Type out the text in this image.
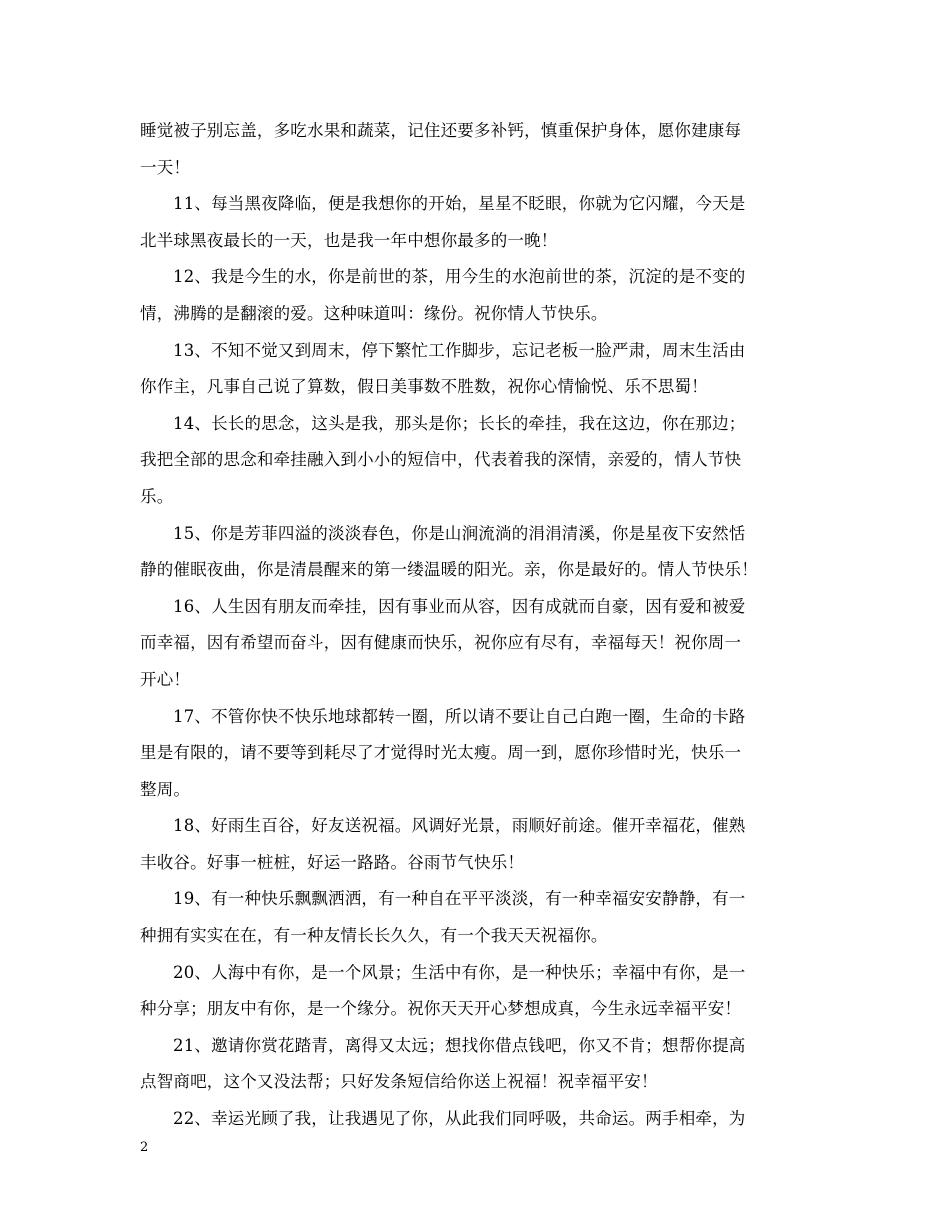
睡觉被子别忘盖，多吃水果和蔬菜，记住还要多补钙，慎重保护身体，愿你建康每
一天！
11、每当黑夜降临，便是我想你的开始，星星不眨眼，你就为它闪耀，今天是
北半球黑夜最长的一天，也是我一年中想你最多的一晚！
12、我是今生的水，你是前世的茶，用今生的水泡前世的茶，沉淀的是不变的
情，沸腾的是翻滚的爱。这种味道叫：缘份。祝你情人节快乐。
13、不知不觉又到周末，停下繁忙工作脚步，忘记老板一脸严肃，周末生活由
你作主，凡事自己说了算数，假日美事数不胜数，祝你心情愉悦、乐不思蜀！
14、长长的思念，这头是我，那头是你；长长的牵挂，我在这边，你在那边；
我把全部的思念和牵挂融入到小小的短信中，代表着我的深情，亲爱的，情人节快
乐。
15、你是芳菲四溢的淡淡春色，你是山涧流淌的涓涓清溪，你是星夜下安然恬
静的催眠夜曲，你是清晨醒来的第一缕温暖的阳光。亲，你是最好的。情人节快乐！
16、人生因有朋友而牵挂，因有事业而从容，因有成就而自豪，因有爱和被爱
而幸福，因有希望而奋斗，因有健康而快乐，祝你应有尽有，幸福每天！祝你周一
开心！
17、不管你快不快乐地球都转一圈，所以请不要让自己白跑一圈，生命的卡路
里是有限的，请不要等到耗尽了才觉得时光太瘦。周一到，愿你珍惜时光，快乐一
整周。
18、好雨生百谷，好友送祝福。风调好光景，雨顺好前途。催开幸福花，催熟
丰收谷。好事一桩桩，好运一路路。谷雨节气快乐！
19、有一种快乐飘飘洒洒，有一种自在平平淡淡，有一种幸福安安静静，有一
种拥有实实在在，有一种友情长长久久，有一个我天天祝福你。
20、人海中有你，是一个风景；生活中有你，是一种快乐；幸福中有你，是一
种分享；朋友中有你，是一个缘分。祝你天天开心梦想成真，今生永远幸福平安！
21、邀请你赏花踏青，离得又太远；想找你借点钱吧，你又不肯；想帮你提高
点智商吧，这个又没法帮；只好发条短信给你送上祝福！祝幸福平安！
22、幸运光顾了我，让我遇见了你，从此我们同呼吸，共命运。两手相牵，为
2
